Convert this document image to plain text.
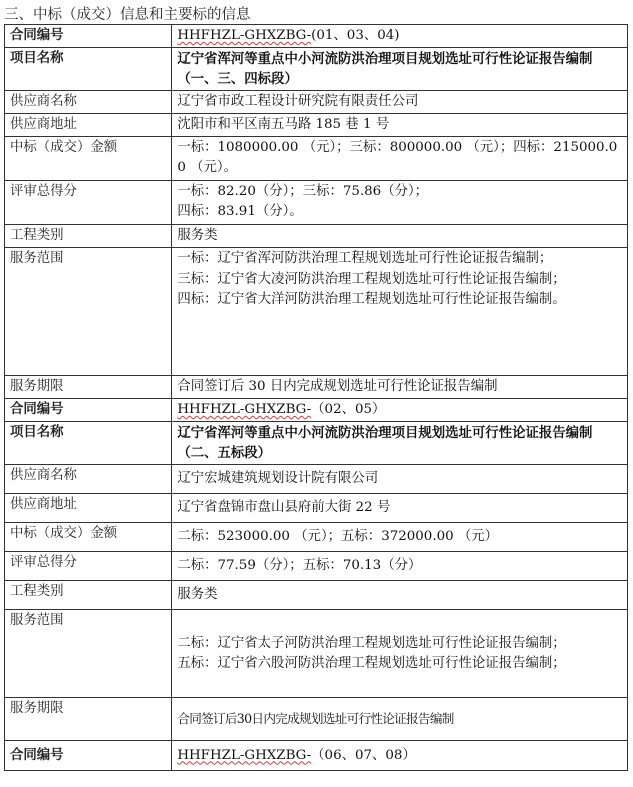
三、中标（成交）信息和主要标的信息
合同编号	HHFHZL-GHXZBG-(01、03、04)
项目名称	辽宁省浑河等重点中小河流防洪治理项目规划选址可行性论证报告编制（一、三、四标段）
供应商名称	辽宁省市政工程设计研究院有限责任公司
供应商地址	沈阳市和平区南五马路 185 巷 1 号
中标（成交）金额	一标：1080000.00 （元）；三标：800000.00 （元）；四标：215000.00 （元）。
评审总得分	一标：82.20（分）；三标：75.86（分）；
四标：83.91（分）。
工程类别	服务类
服务范围	一标：辽宁省浑河防洪治理工程规划选址可行性论证报告编制；
三标：辽宁省大凌河防洪治理工程规划选址可行性论证报告编制；
四标：辽宁省大洋河防洪治理工程规划选址可行性论证报告编制。
服务期限	合同签订后 30 日内完成规划选址可行性论证报告编制
合同编号	HHFHZL-GHXZBG-（02、05）
项目名称	辽宁省浑河等重点中小河流防洪治理项目规划选址可行性论证报告编制（二、五标段）
供应商名称	辽宁宏城建筑规划设计院有限公司
供应商地址	辽宁省盘锦市盘山县府前大街 22 号
中标（成交）金额	二标：523000.00 （元）；五标：372000.00 （元）
评审总得分	二标：77.59（分）；五标：70.13（分）
工程类别	服务类
服务范围	二标：辽宁省太子河防洪治理工程规划选址可行性论证报告编制；
五标：辽宁省六股河防洪治理工程规划选址可行性论证报告编制；
服务期限	合同签订后30日内完成规划选址可行性论证报告编制
合同编号	HHFHZL-GHXZBG-（06、07、08）
